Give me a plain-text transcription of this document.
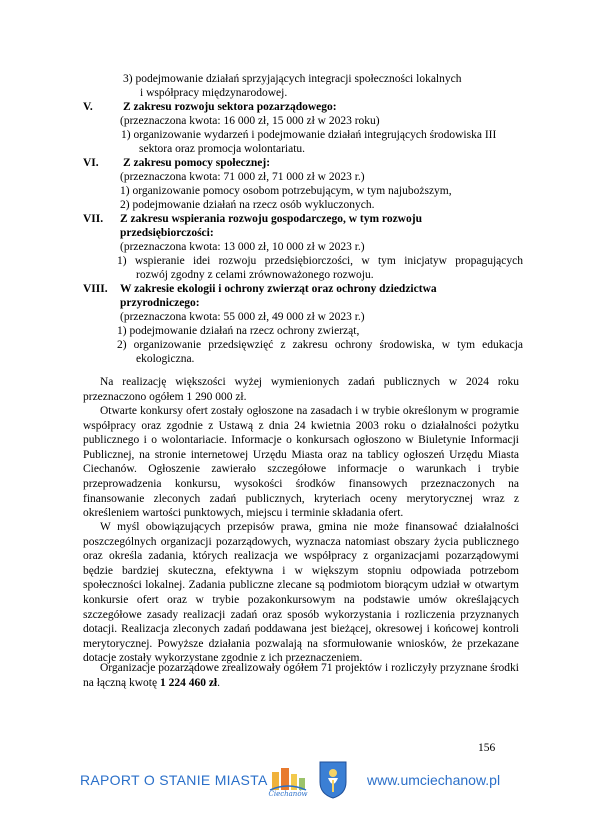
3) podejmowanie działań sprzyjających integracji społeczności lokalnych
i współpracy międzynarodowej.
V.	Z zakresu rozwoju sektora pozarządowego:
(przeznaczona kwota: 16 000 zł, 15 000 zł w 2023 roku)
1) organizowanie wydarzeń i podejmowanie działań integrujących środowiska III
sektora oraz promocja wolontariatu.
VI. Z zakresu pomocy społecznej:
(przeznaczona kwota: 71 000 zł, 71 000 zł w 2023 r.)
1) organizowanie pomocy osobom potrzebującym, w tym najuboższym,
2) podejmowanie działań na rzecz osób wykluczonych.
VII. Z zakresu wspierania rozwoju gospodarczego, w tym rozwoju
przedsiębiorczości:
(przeznaczona kwota: 13 000 zł, 10 000 zł w 2023 r.)
1) wspieranie idei rozwoju przedsiębiorczości, w tym inicjatyw propagujących
rozwój zgodny z celami zrównoważonego rozwoju.
VIII. W zakresie ekologii i ochrony zwierząt oraz ochrony dziedzictwa
przyrodniczego:
(przeznaczona kwota: 55 000 zł, 49 000 zł w 2023 r.)
1) podejmowanie działań na rzecz ochrony zwierząt,
2) organizowanie przedsięwzięć z zakresu ochrony środowiska, w tym edukacja
ekologiczna.

Na realizację większości wyżej wymienionych zadań publicznych w 2024 roku przeznaczono ogółem 1 290 000 zł.

Otwarte konkursy ofert zostały ogłoszone na zasadach i w trybie określonym w programie współpracy oraz zgodnie z Ustawą z dnia 24 kwietnia 2003 roku o działalności pożytku publicznego i o wolontariacie. Informacje o konkursach ogłoszono w Biuletynie Informacji Publicznej, na stronie internetowej Urzędu Miasta oraz na tablicy ogłoszeń Urzędu Miasta Ciechanów. Ogłoszenie zawierało szczegółowe informacje o warunkach i trybie przeprowadzenia konkursu, wysokości środków finansowych przeznaczonych na finansowanie zleconych zadań publicznych, kryteriach oceny merytorycznej wraz z określeniem wartości punktowych, miejscu i terminie składania ofert.

W myśl obowiązujących przepisów prawa, gmina nie może finansować działalności poszczególnych organizacji pozarządowych, wyznacza natomiast obszary życia publicznego oraz określa zadania, których realizacja we współpracy z organizacjami pozarządowymi będzie bardziej skuteczna, efektywna i w większym stopniu odpowiada potrzebom społeczności lokalnej. Zadania publiczne zlecane są podmiotom biorącym udział w otwartym konkursie ofert oraz w trybie pozakonkursowym na podstawie umów określających szczegółowe zasady realizacji zadań oraz sposób wykorzystania i rozliczenia przyznanych dotacji. Realizacja zleconych zadań poddawana jest bieżącej, okresowej i końcowej kontroli merytorycznej. Powyższe działania pozwalają na sformułowanie wniosków, że przekazane dotacje zostały wykorzystane zgodnie z ich przeznaczeniem.

Organizacje pozarządowe zrealizowały ogółem 71 projektów i rozliczyły przyznane środki na łączną kwotę 1 224 460 zł.

156
RAPORT O STANIE MIASTA
Ciechanów
www.umciechanow.pl
